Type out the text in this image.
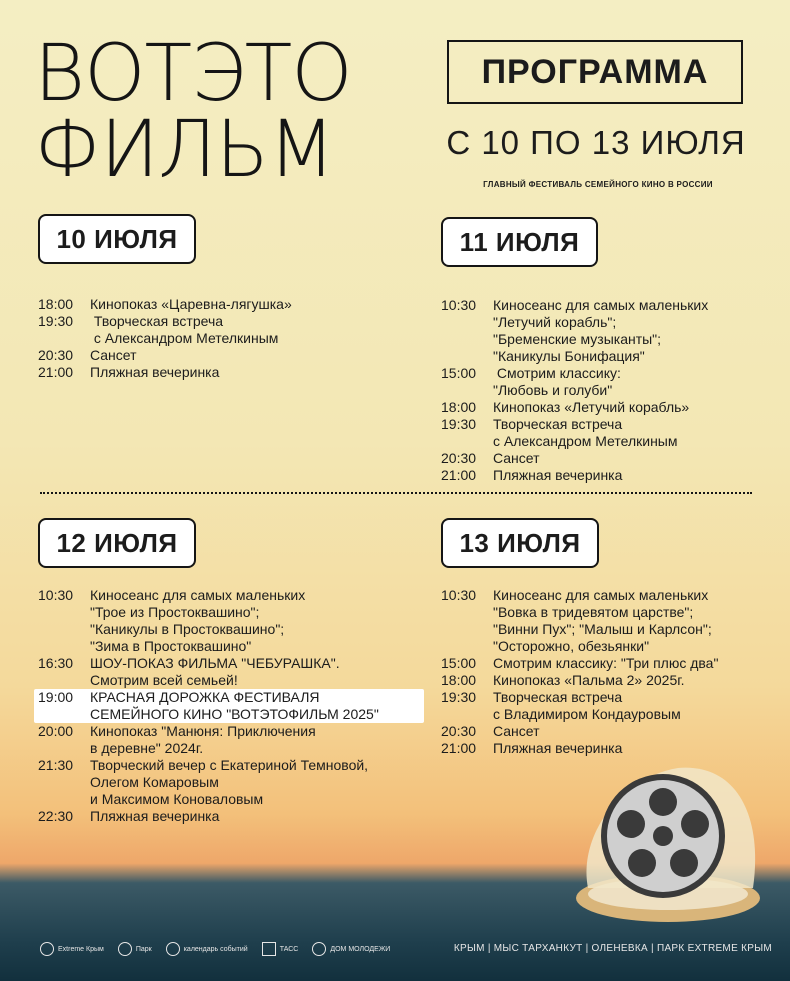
ВОТЭТО
ФИЛЬМ
ПРОГРАММА
С 10 ПО 13 ИЮЛЯ
ГЛАВНЫЙ ФЕСТИВАЛЬ СЕМЕЙНОГО КИНО В РОССИИ
10 ИЮЛЯ
18:00	Кинопоказ «Царевна-лягушка»
19:30	Творческая встреча
с Александром Метелкиным
20:30	Сансет
21:00	Пляжная вечеринка
11 ИЮЛЯ
10:30	Киносеанс для самых маленьких
"Летучий корабль";
"Бременские музыканты";
"Каникулы Бонифация"
15:00	Смотрим классику:
"Любовь и голуби"
18:00	Кинопоказ «Летучий корабль»
19:30	Творческая встреча
с Александром Метелкиным
20:30	Сансет
21:00	Пляжная вечеринка
12 ИЮЛЯ
10:30	Киносеанс для самых маленьких
"Трое из Простоквашино";
"Каникулы в Простоквашино";
"Зима в Простоквашино"
16:30	ШОУ-ПОКАЗ ФИЛЬМА "ЧЕБУРАШКА".
Смотрим всей семьей!
19:00	КРАСНАЯ ДОРОЖКА ФЕСТИВАЛЯ
СЕМЕЙНОГО КИНО "ВОТЭТОФИЛЬМ 2025"
20:00	Кинопоказ "Манюня: Приключения
в деревне" 2024г.
21:30	Творческий вечер с Екатериной Темновой,
Олегом Комаровым
и Максимом Коноваловым
22:30	Пляжная вечеринка
13 ИЮЛЯ
10:30	Киносеанс для самых маленьких
"Вовка в тридевятом царстве";
"Винни Пух"; "Малыш и Карлсон";
"Осторожно, обезьянки"
15:00	Смотрим классику: "Три плюс два"
18:00	Кинопоказ «Пальма 2» 2025г.
19:30	Творческая встреча
с Владимиром Кондауровым
20:30	Сансет
21:00	Пляжная вечеринка
Extreme Крым	Парк	календарь событий	ТАСС	ДОМ МОЛОДЕЖИ	КРЫМ | МЫС ТАРХАНКУТ | ОЛЕНЕВКА | ПАРК EXTREME КРЫМ
